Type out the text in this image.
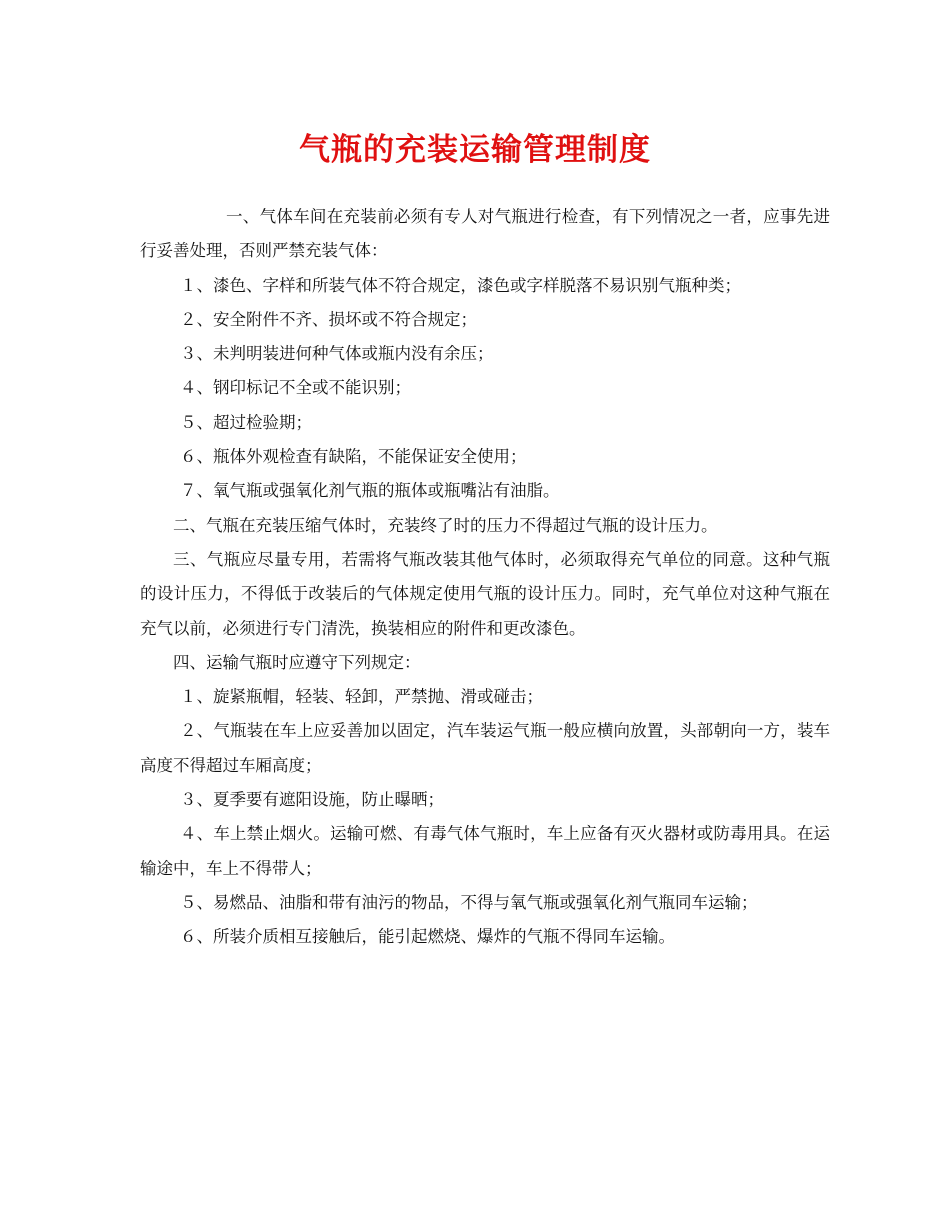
气瓶的充装运输管理制度

一、气体车间在充装前必须有专人对气瓶进行检查，有下列情况之一者，应事先进行妥善处理，否则严禁充装气体：

１、漆色、字样和所装气体不符合规定，漆色或字样脱落不易识别气瓶种类；

２、安全附件不齐、损坏或不符合规定；

３、未判明装进何种气体或瓶内没有余压；

４、钢印标记不全或不能识别；

５、超过检验期；

６、瓶体外观检查有缺陷，不能保证安全使用；

７、氧气瓶或强氧化剂气瓶的瓶体或瓶嘴沾有油脂。

二、气瓶在充装压缩气体时，充装终了时的压力不得超过气瓶的设计压力。

三、气瓶应尽量专用，若需将气瓶改装其他气体时，必须取得充气单位的同意。这种气瓶的设计压力，不得低于改装后的气体规定使用气瓶的设计压力。同时，充气单位对这种气瓶在充气以前，必须进行专门清洗，换装相应的附件和更改漆色。

四、运输气瓶时应遵守下列规定：

１、旋紧瓶帽，轻装、轻卸，严禁抛、滑或碰击；

２、气瓶装在车上应妥善加以固定，汽车装运气瓶一般应横向放置，头部朝向一方，装车高度不得超过车厢高度；

３、夏季要有遮阳设施，防止曝晒；

４、车上禁止烟火。运输可燃、有毒气体气瓶时，车上应备有灭火器材或防毒用具。在运输途中，车上不得带人；

５、易燃品、油脂和带有油污的物品，不得与氧气瓶或强氧化剂气瓶同车运输；

６、所装介质相互接触后，能引起燃烧、爆炸的气瓶不得同车运输。
